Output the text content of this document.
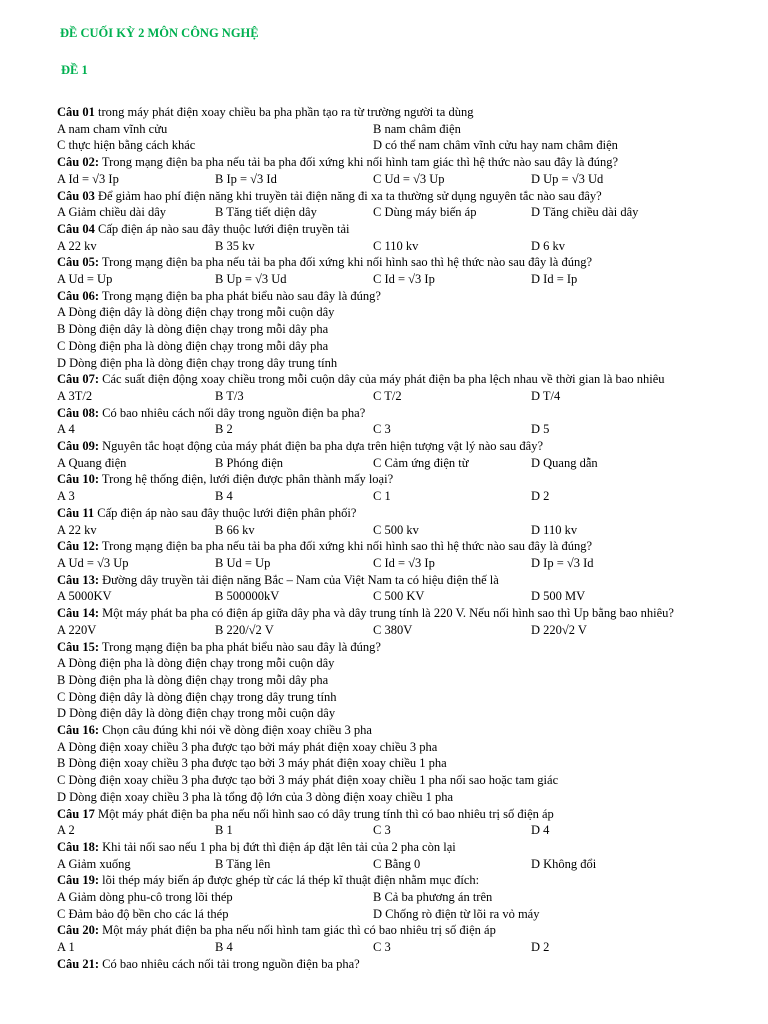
ĐỀ CUỐI KỲ 2 MÔN CÔNG NGHỆ
ĐỀ 1
Câu 01 trong máy phát điện xoay chiều ba pha phần tạo ra từ trường người ta dùng
A nam cham vĩnh cửu	B nam châm điện
C thực hiện bằng cách khác	D có thể nam châm vĩnh cửu hay nam châm điện
Câu 02: Trong mạng điện ba pha nếu tải ba pha đối xứng khi nối hình tam giác thì hệ thức nào sau đây là đúng?
A Id = √3 Ip	B Ip = √3 Id	C Ud = √3 Up	D Up = √3 Ud
Câu 03 Để giảm hao phí điện năng khi truyền tải điện năng đi xa ta thường sử dụng nguyên tắc nào sau đây?
A Giảm chiều dài dây	B Tăng tiết diện dây	C Dùng máy biến áp	D Tăng chiều dài dây
Câu 04 Cấp điện áp nào sau đây thuộc lưới điện truyền tải
A 22 kv	B 35 kv	C 110 kv	D 6 kv
Câu 05: Trong mạng điện ba pha nếu tải ba pha đối xứng khi nối hình sao thì hệ thức nào sau đây là đúng?
A Ud = Up	B Up = √3 Ud	C Id = √3 Ip	D Id = Ip
Câu 06: Trong mạng điện ba pha phát biểu nào sau đây là đúng?
A Dòng điện dây là dòng điện chạy trong mỗi cuộn dây
B Dòng điện dây là dòng điện chạy trong mỗi dây pha
C Dòng điện pha là dòng điện chạy trong mỗi dây pha
D Dòng điện pha là dòng điện chạy trong dây trung tính
Câu 07: Các suất điện động xoay chiều trong mỗi cuộn dây của máy phát điện ba pha lệch nhau về thời gian là bao nhiêu
A 3T/2	B T/3	C T/2	D T/4
Câu 08: Có bao nhiêu cách nối dây trong nguồn điện ba pha?
A 4	B 2	C 3	D 5
Câu 09: Nguyên tắc hoạt động của máy phát điện ba pha dựa trên hiện tượng vật lý nào sau đây?
A Quang điện	B Phóng điện	C Cảm ứng điện từ	D Quang dẫn
Câu 10: Trong hệ thống điện, lưới điện được phân thành mấy loại?
A 3	B 4	C 1	D 2
Câu 11 Cấp điện áp nào sau đây thuộc lưới điện phân phối?
A 22 kv	B 66 kv	C 500 kv	D 110 kv
Câu 12: Trong mạng điện ba pha nếu tải ba pha đối xứng khi nối hình sao thì hệ thức nào sau đây là đúng?
A Ud = √3 Up	B Ud = Up	C Id = √3 Ip	D Ip = √3 Id
Câu 13: Đường dây truyền tải điện năng Bắc – Nam của Việt Nam ta có hiệu điện thế là
A 5000KV	B 500000kV	C 500 KV	D 500 MV
Câu 14: Một máy phát ba pha có điện áp giữa dây pha và dây trung tính là 220 V. Nếu nối hình sao thì Up bằng bao nhiêu?
A 220V	B 220/√2 V	C 380V	D 220√2 V
Câu 15: Trong mạng điện ba pha phát biểu nào sau đây là đúng?
A Dòng điện pha là dòng điện chạy trong mỗi cuộn dây
B Dòng điện pha là dòng điện chạy trong mỗi dây pha
C Dòng điện dây là dòng điện chạy trong dây trung tính
D Dòng điện dây là dòng điện chạy trong mỗi cuộn dây
Câu 16: Chọn câu đúng khi nói về dòng điện xoay chiều 3 pha
A Dòng điện xoay chiều 3 pha được tạo bởi máy phát điện xoay chiều 3 pha
B Dòng điện xoay chiều 3 pha được tạo bởi 3 máy phát điện xoay chiều 1 pha
C Dòng điện xoay chiều 3 pha được tạo bởi 3 máy phát điện xoay chiều 1 pha nối sao hoặc tam giác
D Dòng điện xoay chiều 3 pha là tổng độ lớn của 3 dòng điện xoay chiều 1 pha
Câu 17 Một máy phát điện ba pha nếu nối hình sao có dây trung tính thì có bao nhiêu trị số điện áp
A 2	B 1	C 3	D 4
Câu 18: Khi tải nối sao nếu 1 pha bị đứt thì điện áp đặt lên tải của 2 pha còn lại
A Giảm xuống	B Tăng lên	C Bằng 0	D Không đổi
Câu 19: lõi thép máy biến áp được ghép từ các lá thép kĩ thuật điện nhằm mục đích:
A Giảm dòng phu-cô trong lõi thép	B Cả ba phương án trên
C Đảm bảo độ bền cho các lá thép	D Chống rò điện từ lõi ra vỏ máy
Câu 20: Một máy phát điện ba pha nếu nối hình tam giác thì có bao nhiêu trị số điện áp
A 1	B 4	C 3	D 2
Câu 21: Có bao nhiêu cách nối tải trong nguồn điện ba pha?
